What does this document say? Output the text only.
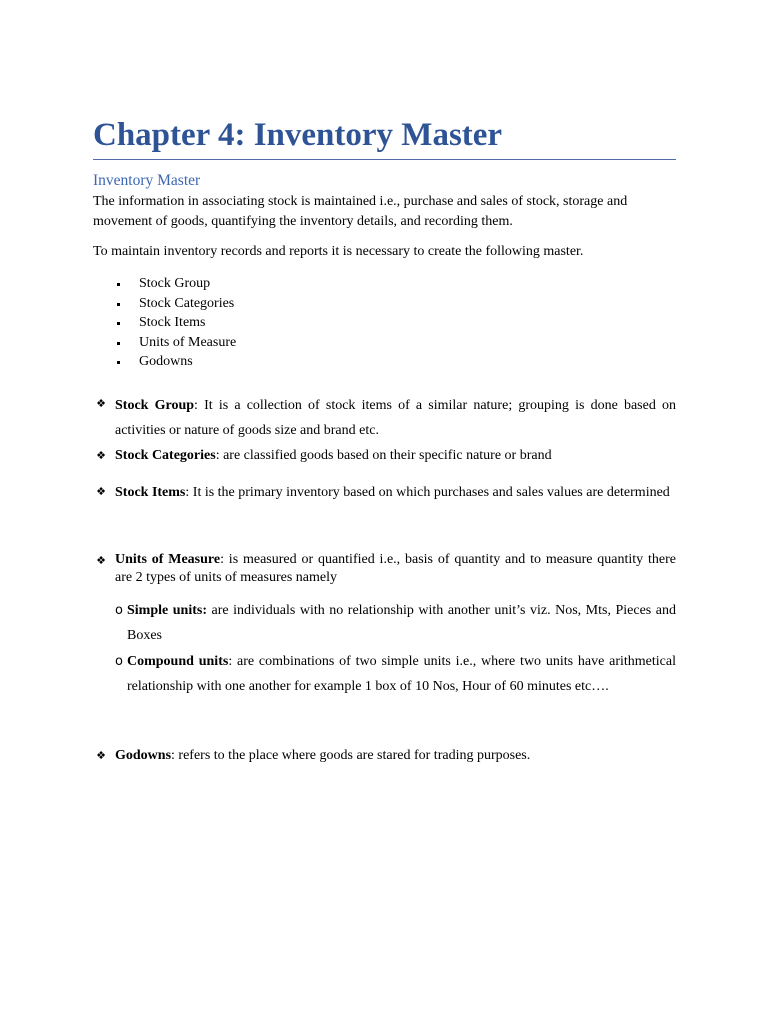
Chapter 4: Inventory Master
Inventory Master

The information in associating stock is maintained i.e., purchase and sales of stock, storage and movement of goods, quantifying the inventory details, and recording them.

To maintain inventory records and reports it is necessary to create the following master.

Stock Group
Stock Categories
Stock Items
Units of Measure
Godowns
❖ Stock Group: It is a collection of stock items of a similar nature; grouping is done based on activities or nature of goods size and brand etc.
❖ Stock Categories: are classified goods based on their specific nature or brand
❖ Stock Items: It is the primary inventory based on which purchases and sales values are determined
❖ Units of Measure: is measured or quantified i.e., basis of quantity and to measure quantity there are 2 types of units of measures namely
o Simple units: are individuals with no relationship with another unit’s viz. Nos, Mts, Pieces and Boxes
o Compound units: are combinations of two simple units i.e., where two units have arithmetical relationship with one another for example 1 box of 10 Nos, Hour of 60 minutes etc….
❖ Godowns: refers to the place where goods are stared for trading purposes.
